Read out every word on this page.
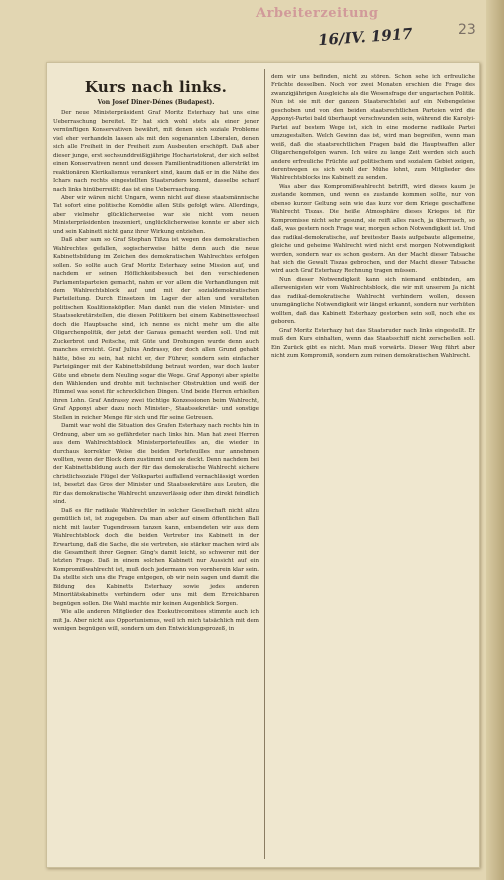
Arbeiterzeitung
16/IV. 1917	23
Kurs nach links.
Von Josef Diner-Dénes (Budapest).

Der neue Ministerpräsident Graf Moritz Esterhazy hat uns eine Ueberraschung bereitet. Er hat sich wohl stets als einer jener vernünftigen Konservativen bewährt, mit denen sich soziale Probleme viel eher verhandeln lassen als mit den sogenannten Liberalen, denen sich alle Freiheit in der Freiheit zum Ausbeuten erschöpft. Daß aber dieser junge, erst sechsunddreißigjährige Hocharistokrat, der sich selbst einen Konservativen nennt und dessen Familientraditionen allerstrikt im reaktionären Klerikalismus verankert sind, kaum daß er in die Nähe des Ichars nach rechts eingestellten Staatsruders kommt, dasselbe scharf nach links hinüberreißt: das ist eine Ueberraschung.

Aber wir wären nicht Ungarn, wenn nicht auf diese staatsmännische Tat sofort eine politische Komödie allen Stils gefolgt wäre. Allerdings, aber vielmehr glücklicherweise war sie nicht vom neuen Ministerpräsidenten inszeniert, unglücklicherweise konnte er aber sich und sein Kabinett nicht ganz ihrer Wirkung entziehen.

Daß aber sam so Graf Stephan Tißza ist wegen des demokratischen Wahlrechtes gefallen, sogischerweise hätte denn auch die neue Kabinettsbildung im Zeichen des demokratischen Wahlrechtes erfolgen sollen. So sollte auch Graf Moritz Esterhazy seine Mission auf, und nachdem er seinen Höflichkeitsbesuch bei den verschiedenen Parlamentsparteien gemacht, nahm er vor allem die Verhandlungen mit dem Wahlrechtsblock auf und mit der sozialdemokratischen Parteileitung. Durch Einsetzen im Lager der alten und veralteten politischen Koalitionsköpfler. Man dankt nun die vielen Minister- und Staatssekretärstellen, die diesen Politikern bei einem Kabinettswechsel doch die Hauptsache sind, ich nenne es nicht mehr um die alte Oligarchenpolitik, der jetzt der Garaus gemacht werden soll. Und mit Zuckerbrot und Peitsche, mit Güte und Drohungen wurde denn auch manches erreicht. Graf Julius Andrassy, der doch allen Grund gehabt hätte, böse zu sein, hat nicht er, der Führer, sondern sein einfacher Parteigänger mit der Kabinettsbildung betraut worden, war doch lauter Güte und ebnete dem Neuling sogar die Wege. Graf Apponyi aber spielte den Wählenden und drohte mit technischer Obstruktion und weiß der Himmel was sonst für schrecklichen Dingen. Und beide Herren erhielten ihren Lohn. Graf Andrassy zwei tüchtige Konzessionen beim Wahlrecht, Graf Apponyi aber dazu noch Minister-, Staatssekretär- und sonstige Stellen in reicher Menge für sich und für seine Getreuen.

Damit war wohl die Situation des Grafen Esterhazy nach rechts hin in Ordnung, aber um so gefährdeter nach links hin. Man hat zwei Herren aus dem Wahlrechtsblock Ministerportefeuilles an, die wieder in durchaus korrekter Weise die beiden Portefeuilles nur annehmen wollten, wenn der Block dem zustimmt und sie deckt. Denn nachdem bei der Kabinettsbildung auch der für das demokratische Wahlrecht sichere christlichsoziale Flügel der Volkspartei auffallend vernachlässigt worden ist, besetzt das Gros der Minister und Staatssekretäre aus Leuten, die für das demokratische Wahlrecht unzuverlässig oder ihm direkt feindlich sind.

Daß es für radikale Wahlrechtler in solcher Gesellschaft nicht allzu gemütlich ist, ist zugegeben. Da man aber auf einem öffentlichen Ball nicht mit lauter Tugendrosen tanzen kann, entsendeten wir aus dem Wahlrechtsblock doch die beiden Vertreter ins Kabinett in der Erwartung, daß die Sache, die sie vertreten, sie stärker machen wird als die Gesamtheit ihrer Gegner. Ging's damit leicht, so schwerer mit der letzten Frage. Daß in einem solchen Kabinett nur Aussicht auf ein Kompromißwahlrecht ist, muß doch jedermann von vornherein klar sein. Da stellte sich uns die Frage entgegen, ob wir nein sagen und damit die Bildung des Kabinetts Esterhazy sowie jedes anderen Minoritätskabinetts verhindern oder uns mit dem Erreichbaren begnügen sollen. Die Wahl machte mir keinen Augenblick Sorgen.

Wie alle anderen Mitglieder des Exekutivcomitees stimmte auch ich mit Ja. Aber nicht aus Opportunismus, weil ich mich tatsächlich mit dem wenigen begnügen will, sondern um den Entwicklungsprozeß, in

dem wir uns befinden, nicht zu stören. Schon sehe ich erfreuliche Früchte desselben. Noch vor zwei Monaten erschien die Frage des zwanzigjährigen Ausgleichs als die Wesensfrage der ungarischen Politik. Nun ist sie mit der ganzen Staatsrechtelei auf ein Nebengeleise geschoben und von den beiden staatsrechtlichen Parteien wird die Apponyi-Partei bald überhaupt verschwunden sein, während die Karolyi-Partei auf bestem Wege ist, sich in eine moderne radikale Partei umzugestalten. Welch Gewinn das ist, wird man begreifen, wenn man weiß, daß die staatsrechtlichen Fragen bald die Hauptwaffen aller Oligarchengefolgen waren. Ich wäre zu lange Zeit werden sich auch andere erfreuliche Früchte auf politischem und sozialem Gebiet zeigen, derentwegen es sich wohl der Mühe lohnt, zum Mitglieder des Wahlrechtsblocks ins Kabinett zu senden.

Was aber das Kompromißwahlrecht betrifft, wird dieses kaum je zustande kommen, und wenn es zustande kommen sollte, nur von ebenso kurzer Geltung sein wie das kurz vor dem Kriege geschaffene Wahlrecht Tiszas. Die heiße Atmosphäre dieses Krieges ist für Kompromisse nicht sehr gesund, sie reift alles rasch, ja überrasch, so daß, was gestern noch Frage war, morgen schon Notwendigkeit ist. Und das radikal-demokratische, auf breitester Basis aufgebaute allgemeine, gleiche und geheime Wahlrecht wird nicht erst morgen Notwendigkeit werden, sondern war es schon gestern. An der Macht dieser Tatsache hat sich die Gewalt Tiszas gebrochen, und der Macht dieser Tatsache wird auch Graf Esterhazy Rechnung tragen müssen.

Nun dieser Notwendigkeit kann sich niemand entbinden, am allerwenigsten wir vom Wahlrechtsblock, die wir mit unserem Ja nicht das radikal-demokratische Wahlrecht verhindern wollen, dessen unumgängliche Notwendigkeit wir längst erkannt, sondern nur verhüten wollten, daß das Kabinett Esterhazy gestorben sein soll, noch ehe es geboren.

Graf Moritz Esterhazy hat das Staatsruder nach links eingestellt. Er muß den Kurs einhalten, wenn das Staatsschiff nicht zerschellen soll. Ein Zurück gibt es nicht. Man muß vorwärts. Dieser Weg führt aber nicht zum Kompromiß, sondern zum reinen demokratischen Wahlrecht.
